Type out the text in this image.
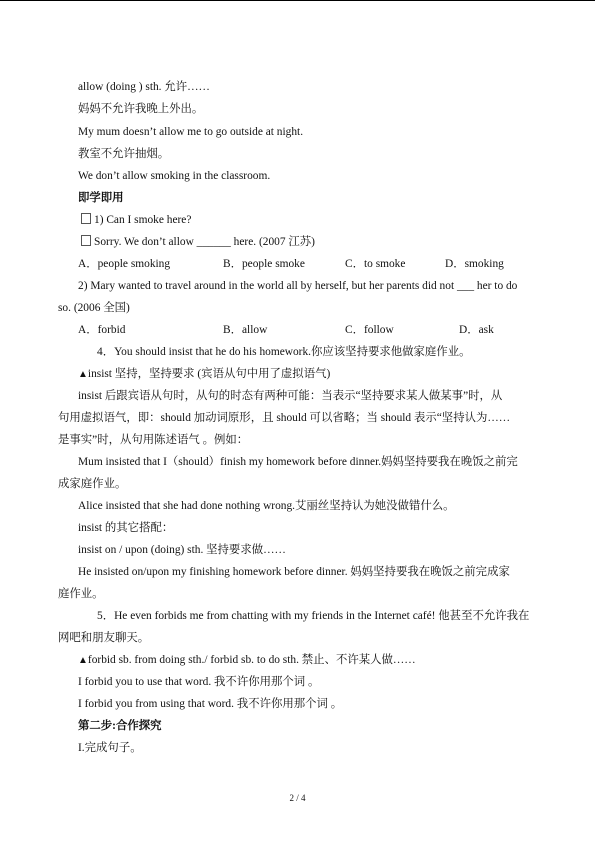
allow (doing ) sth. 允许……
妈妈不允许我晚上外出。
My mum doesn’t allow me to go outside at night.
教室不允许抽烟。
We don’t allow smoking in the classroom.
即学即用
1) Can I smoke here?
Sorry. We don’t allow ______ here. (2007 江苏)
A．people smoking	B．people smoke	C．to smoke	D．smoking
2) Mary wanted to travel around in the world all by herself, but her parents did not ___ her to do
so. (2006 全国)
A．forbid	B．allow	C．follow	D．ask
4．You should insist that he do his homework.你应该坚持要求他做家庭作业。
▲insist 坚持，坚持要求 (宾语从句中用了虚拟语气)
insist 后跟宾语从句时，从句的时态有两种可能：当表示“坚持要求某人做某事”时，从
句用虚拟语气，即：should 加动词原形，且 should 可以省略；当 should 表示“坚持认为……
是事实”时，从句用陈述语气 。例如：
Mum insisted that I（should）finish my homework before dinner.妈妈坚持要我在晚饭之前完
成家庭作业。
Alice insisted that she had done nothing wrong.艾丽丝坚持认为她没做错什么。
insist 的其它搭配：
insist on / upon (doing) sth. 坚持要求做……
He insisted on/upon my finishing homework before dinner. 妈妈坚持要我在晚饭之前完成家
庭作业。
5．He even forbids me from chatting with my friends in the Internet café! 他甚至不允许我在
网吧和朋友聊天。
▲forbid sb. from doing sth./ forbid sb. to do sth. 禁止、不许某人做……
I forbid you to use that word. 我不许你用那个词 。
I forbid you from using that word. 我不许你用那个词 。
第二步:合作探究
I.完成句子。
2 / 4
